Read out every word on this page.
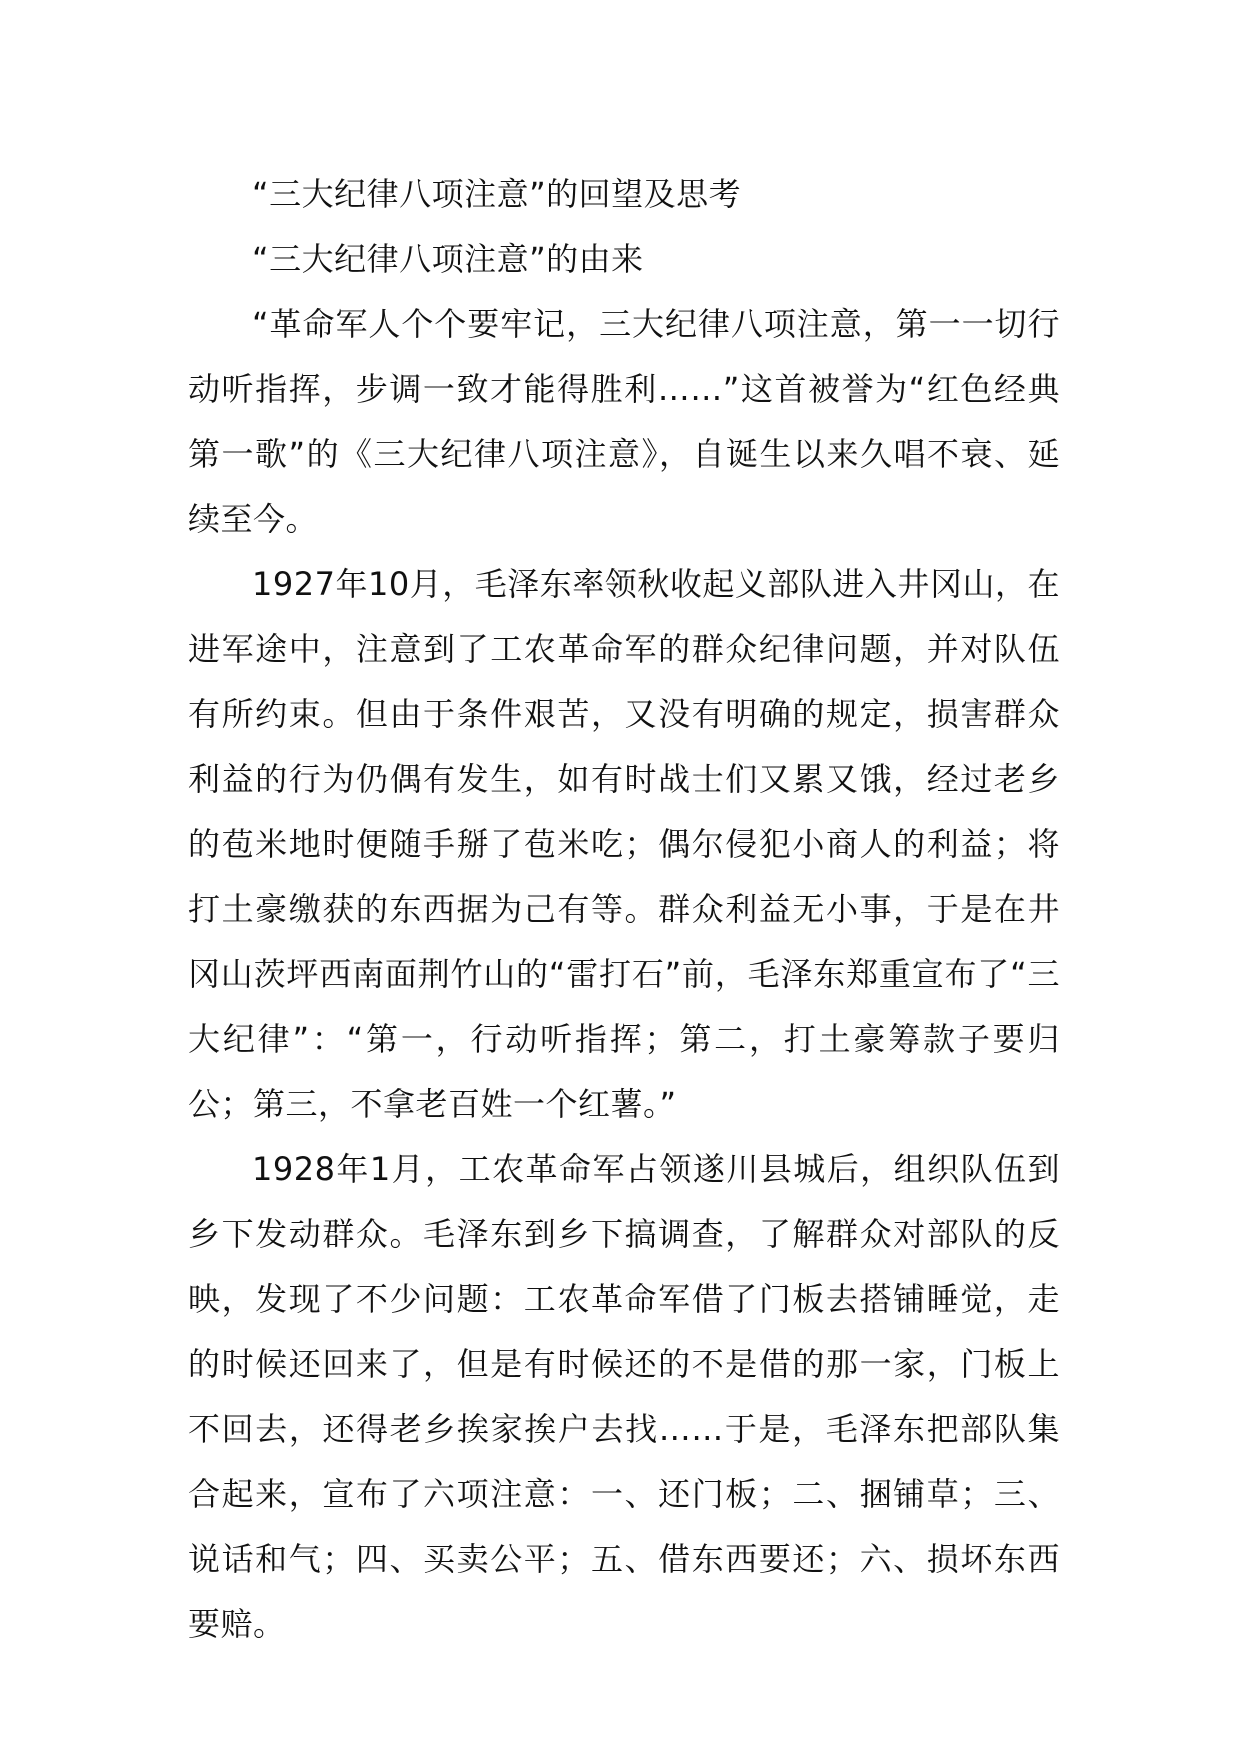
“三大纪律八项注意”的回望及思考

“三大纪律八项注意”的由来

“革命军人个个要牢记，三大纪律八项注意，第一一切行动听指挥，步调一致才能得胜利……”这首被誉为“红色经典第一歌”的《三大纪律八项注意》，自诞生以来久唱不衰、延续至今。

1927年10月，毛泽东率领秋收起义部队进入井冈山，在进军途中，注意到了工农革命军的群众纪律问题，并对队伍有所约束。但由于条件艰苦，又没有明确的规定，损害群众利益的行为仍偶有发生，如有时战士们又累又饿，经过老乡的苞米地时便随手掰了苞米吃；偶尔侵犯小商人的利益；将打土豪缴获的东西据为己有等。群众利益无小事，于是在井冈山茨坪西南面荆竹山的“雷打石”前，毛泽东郑重宣布了“三大纪律”：“第一，行动听指挥；第二，打土豪筹款子要归公；第三，不拿老百姓一个红薯。”

1928年1月，工农革命军占领遂川县城后，组织队伍到乡下发动群众。毛泽东到乡下搞调查，了解群众对部队的反映，发现了不少问题：工农革命军借了门板去搭铺睡觉，走的时候还回来了，但是有时候还的不是借的那一家，门板上不回去，还得老乡挨家挨户去找……于是，毛泽东把部队集合起来，宣布了六项注意：一、还门板；二、捆铺草；三、说话和气；四、买卖公平；五、借东西要还；六、损坏东西要赔。
